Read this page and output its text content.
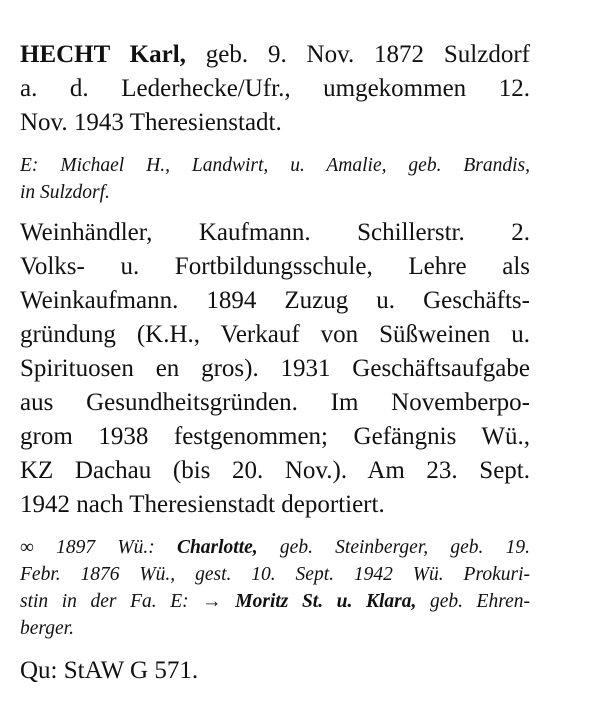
HECHT Karl, geb. 9. Nov. 1872 Sulzdorf
a. d. Lederhecke/Ufr., umgekommen 12.
Nov. 1943 Theresienstadt.

E: Michael H., Landwirt, u. Amalie, geb. Brandis,
in Sulzdorf.

Weinhändler, Kaufmann. Schillerstr. 2.
Volks- u. Fortbildungsschule, Lehre als
Weinkaufmann. 1894 Zuzug u. Geschäfts-
gründung (K.H., Verkauf von Süßweinen u.
Spirituosen en gros). 1931 Geschäftsaufgabe
aus Gesundheitsgründen. Im Novemberpo-
grom 1938 festgenommen; Gefängnis Wü.,
KZ Dachau (bis 20. Nov.). Am 23. Sept.
1942 nach Theresienstadt deportiert.

∞ 1897 Wü.: Charlotte, geb. Steinberger, geb. 19.
Febr. 1876 Wü., gest. 10. Sept. 1942 Wü. Prokuri-
stin in der Fa. E: → Moritz St. u. Klara, geb. Ehren-
berger.

Qu: StAW G 571.
